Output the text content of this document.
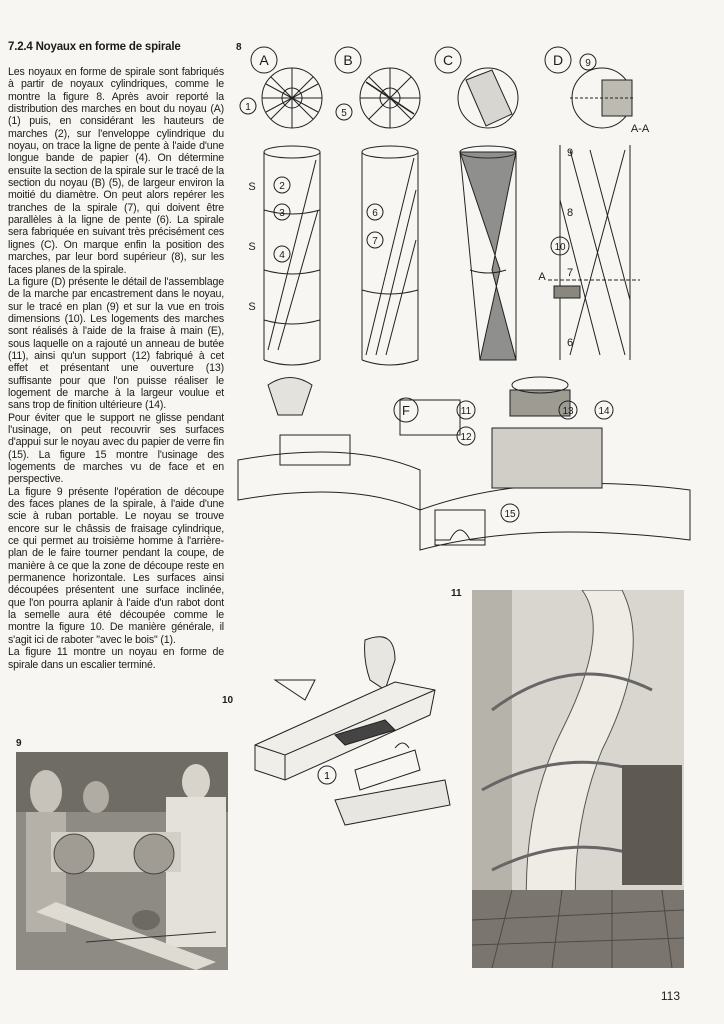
7.2.4 Noyaux en forme de spirale

Les noyaux en forme de spirale sont fabriqués à partir de noyaux cylindriques, comme le montre la figure 8. Après avoir reporté la distribution des marches en bout du noyau (A) (1) puis, en considérant les hauteurs de marches (2), sur l'enveloppe cylindrique du noyau, on trace la ligne de pente à l'aide d'une longue bande de papier (4). On détermine ensuite la section de la spirale sur le tracé de la section du noyau (B) (5), de largeur environ la moitié du diamètre. On peut alors repérer les tranches de la spirale (7), qui doivent être parallèles à la ligne de pente (6). La spirale sera fabriquée en suivant très précisément ces lignes (C). On marque enfin la position des marches, par leur bord supérieur (8), sur les faces planes de la spirale.

La figure (D) présente le détail de l'assemblage de la marche par encastrement dans le noyau, sur le tracé en plan (9) et sur la vue en trois dimensions (10). Les logements des marches sont réalisés à l'aide de la fraise à main (E), sous laquelle on a rajouté un anneau de butée (11), ainsi qu'un support (12) fabriqué à cet effet et présentant une ouverture (13) suffisante pour que l'on puisse réaliser le logement de marche à la largeur voulue et sans trop de finition ultérieure (14).

Pour éviter que le support ne glisse pendant l'usinage, on peut recouvrir ses surfaces d'appui sur le noyau avec du papier de verre fin (15). La figure 15 montre l'usinage des logements de marches vu de face et en perspective.

La figure 9 présente l'opération de découpe des faces planes de la spirale, à l'aide d'une scie à ruban portable. Le noyau se trouve encore sur le châssis de fraisage cylindrique, ce qui permet au troisième homme à l'arrière-plan de le faire tourner pendant la coupe, de manière à ce que la zone de découpe reste en permanence horizontale. Les surfaces ainsi découpées présentent une surface inclinée, que l'on pourra aplanir à l'aide d'un rabot dont la semelle aura été découpée comme le montre la figure 10. De manière générale, il s'agit ici de raboter "avec le bois" (1).

La figure 11 montre un noyau en forme de spirale dans un escalier terminé.

8
A	B	C	D
A-A
S
S
S
9
8
7
6
A
1
2
3
4
5
6
7
9
10
11
12
13 14
15
F
10
1
9
11
113
